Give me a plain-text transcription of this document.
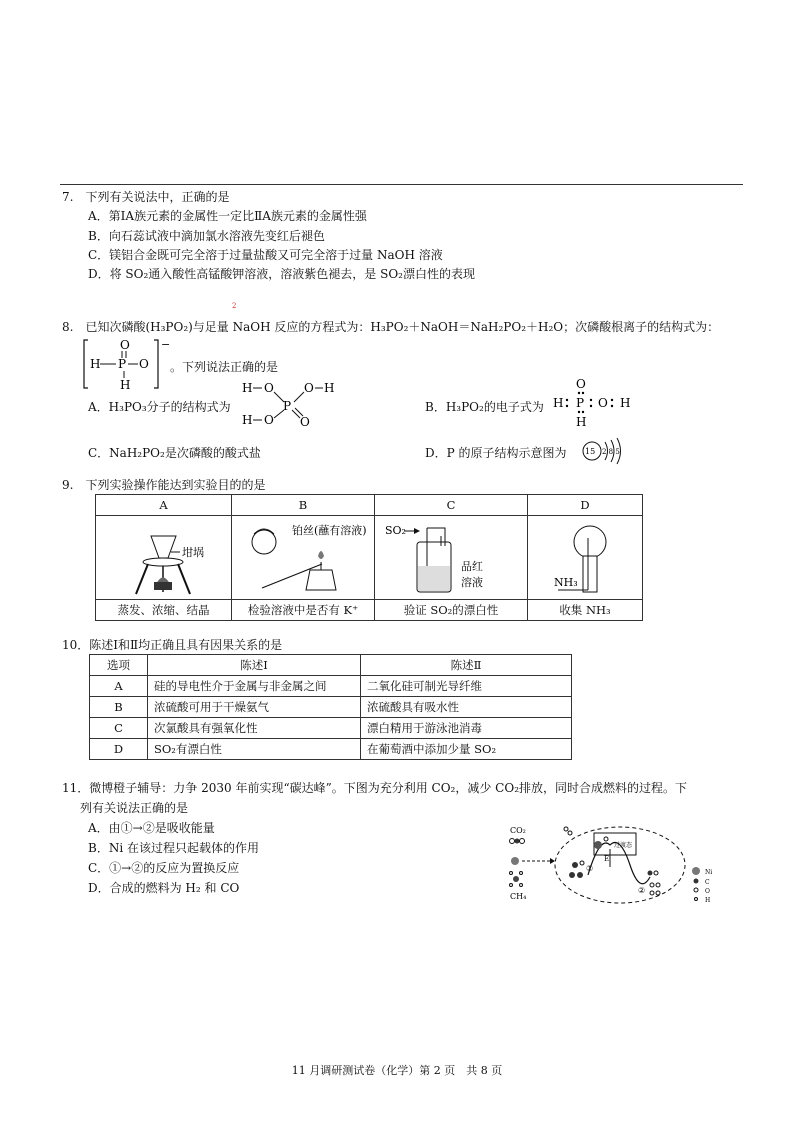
7.　下列有关说法中，正确的是
A．第ⅠA族元素的金属性一定比ⅡA族元素的金属性强
B．向石蕊试液中滴加氯水溶液先变红后褪色
C．镁铝合金既可完全溶于过量盐酸又可完全溶于过量 NaOH 溶液
D．将 SO₂通入酸性高锰酸钾溶液，溶液紫色褪去，是 SO₂漂白性的表现
2
8.　已知次磷酸(H₃PO₂)与足量 NaOH 反应的方程式为：H₃PO₂＋NaOH＝NaH₂PO₂＋H₂O；次磷酸根离子的结构式为：
−
O
H P O
H
。下列说法正确的是
A．H₃PO₃分子的结构式为
H O
P
O H
H O O
B．H₃PO₂的电子式为
O
H P O H
H
C．NaH₂PO₂是次磷酸的酸式盐	D．P 的原子结构示意图为 15 2 8 5
9.　下列实验操作能达到实验目的的是
A	B	C	D

坩埚	铂丝(蘸有溶液)	SO₂
品红
溶液	NH₃

蒸发、浓缩、结晶	检验溶液中是否有 K⁺	验证 SO₂的漂白性	收集 NH₃
10．陈述Ⅰ和Ⅱ均正确且具有因果关系的是
选项	陈述Ⅰ	陈述Ⅱ
A	硅的导电性介于金属与非金属之间	二氧化硅可制光导纤维
B	浓硫酸可用于干燥氨气	浓硫酸具有吸水性
C	次氯酸具有强氧化性	漂白精用于游泳池消毒
D	SO₂有漂白性	在葡萄酒中添加少量 SO₂
11．微博橙子辅导：力争 2030 年前实现“碳达峰”。下图为充分利用 CO₂，减少 CO₂排放，同时合成燃料的过程。下
列有关说法正确的是
A．由①→②是吸收能量
B．Ni 在该过程只起载体的作用
C．①→②的反应为置换反应
D．合成的燃料为 H₂ 和 CO
CO₂
CH₄
①
过渡态
E
②
Ni
C
O
H
11 月调研测试卷（化学）第 2 页　共 8 页
